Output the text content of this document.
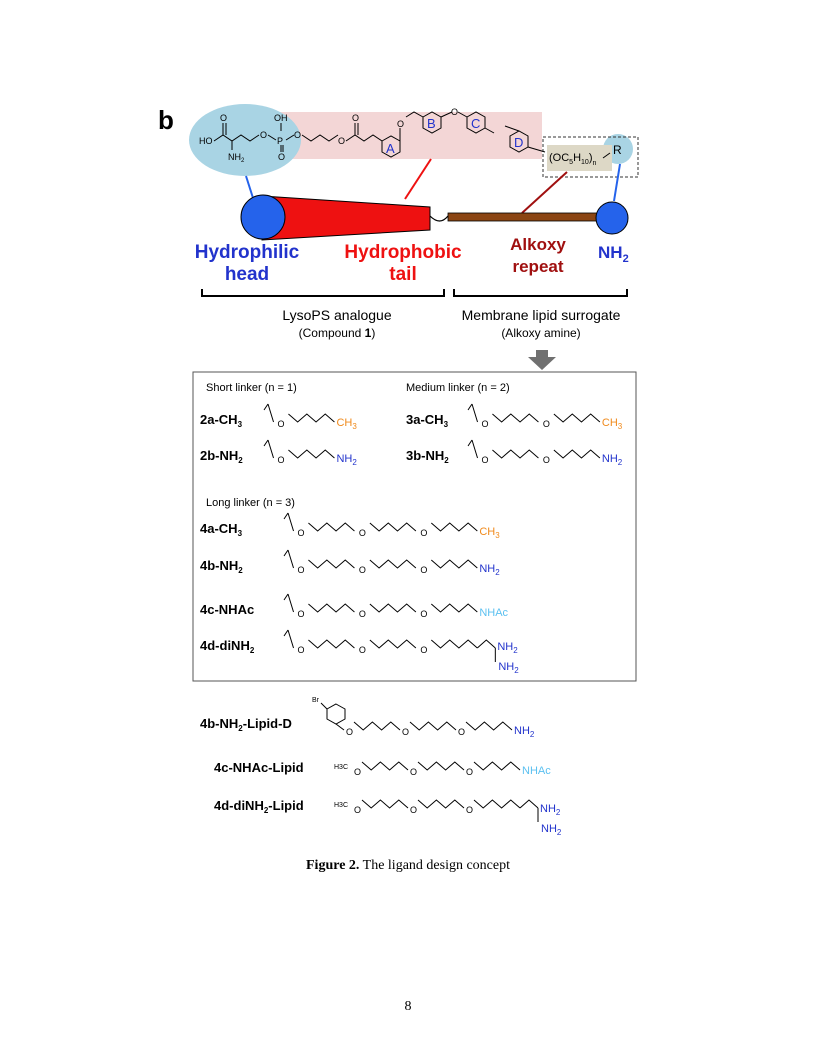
b
HO
O
$NH_2$
O
P
OH
O
O
O
O
O
O
A
B	C
D
$(OC_5H_{10})_n$
R
Hydrophilic head
Hydrophobic tail
Alkoxy repeat
$NH_2$
LysoPS analogue
(Compound 1)
Membrane lipid surrogate
(Alkoxy amine)
Short linker (n = 1)	Medium linker (n = 2)
Long linker (n = 3)
$2a-CH_3$	O	$CH_3$
$2b-NH_2$	O	$NH_2$
$3a-CH_3$	O	O	$CH_3$
$3b-NH_2$	O	O	$NH_2$
$4a-CH_3$	O	O	O	$CH_3$
$4b-NH_2$	O	O	O	$NH_2$
4c-NHAc	O	O	O	NHAc
4d-diNH$_2$	O	O	O	$NH_2$
$NH_2$
$4b-NH_2-Lipid-D$
Br
O	O	O	$NH_2$
4c-NHAc-Lipid	H3C O	O	O	NHAc
4d-diNH$_2$-Lipid	H3C O	O	O	$NH_2$
$NH_2$
Figure 2. The ligand design concept
8
